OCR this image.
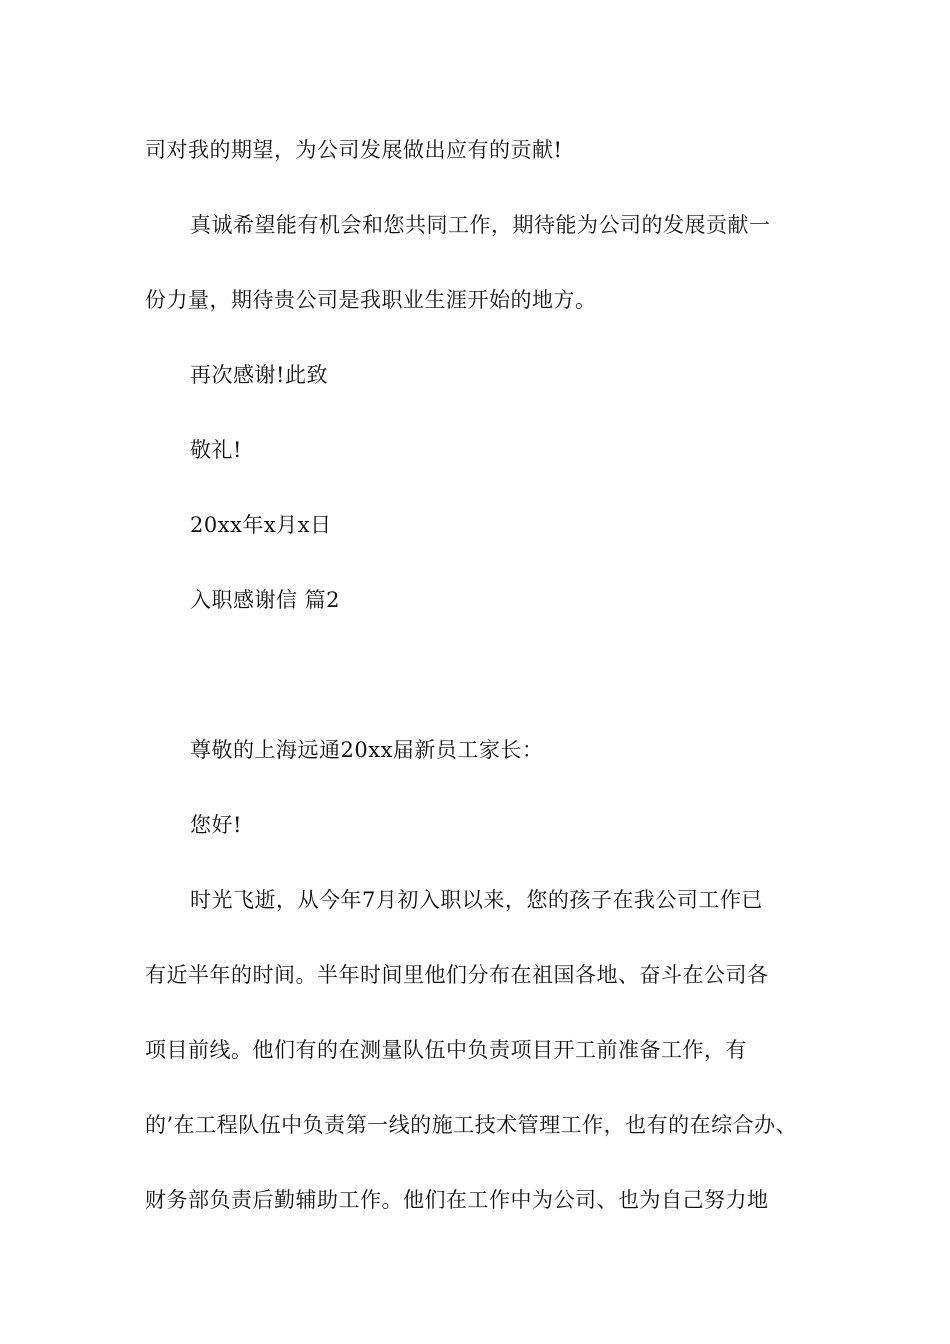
司对我的期望，为公司发展做出应有的贡献!
真诚希望能有机会和您共同工作，期待能为公司的发展贡献一
份力量，期待贵公司是我职业生涯开始的地方。
再次感谢!此致
敬礼!
20xx年x月x日
入职感谢信 篇2
尊敬的上海远通20xx届新员工家长：
您好!
时光飞逝，从今年7月初入职以来，您的孩子在我公司工作已
有近半年的时间。半年时间里他们分布在祖国各地、奋斗在公司各
项目前线。他们有的在测量队伍中负责项目开工前准备工作，有
的’在工程队伍中负责第一线的施工技术管理工作，也有的在综合办、
财务部负责后勤辅助工作。他们在工作中为公司、也为自己努力地
